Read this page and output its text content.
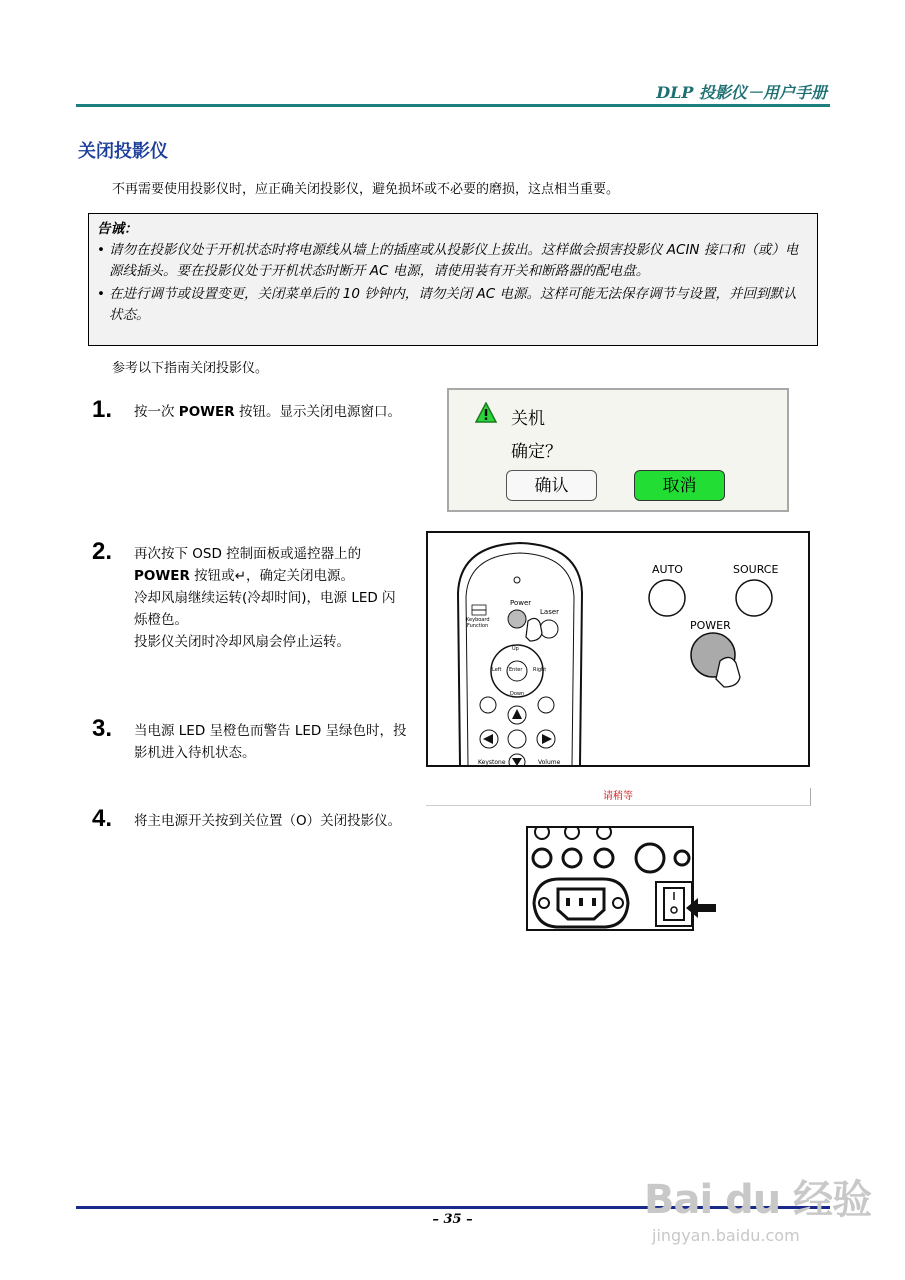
DLP 投影仪－用户手册
关闭投影仪
不再需要使用投影仪时，应正确关闭投影仪，避免损坏或不必要的磨损，这点相当重要。
告诫：
• 请勿在投影仪处于开机状态时将电源线从墙上的插座或从投影仪上拔出。这样做会损害投影仪 ACIN 接口和（或）电源线插头。要在投影仪处于开机状态时断开 AC 电源，请使用装有开关和断路器的配电盘。
• 在进行调节或设置变更，关闭菜单后的 10 钞钟内，请勿关闭 AC 电源。这样可能无法保存调节与设置，并回到默认状态。
参考以下指南关闭投影仪。
1. 按一次 POWER 按钮。显示关闭电源窗口。
2. 再次按下 OSD 控制面板或遥控器上的 POWER 按钮或↵，确定关闭电源。
冷却风扇继续运转(冷却时间)，电源 LED 闪烁橙色。
投影仪关闭时冷却风扇会停止运转。
3. 当电源 LED 呈橙色而警告 LED 呈绿色时，投影机进入待机状态。
4. 将主电源开关按到关位置（O）关闭投影仪。
关机
确定？
确认	取消
Power
Laser
Keyboard
Function
Up
Down
Left	Right
Enter
Keystone	Volume
AUTO	SOURCE
POWER
请稍等
– 35 –	Bai du 经验
jingyan.baidu.com
